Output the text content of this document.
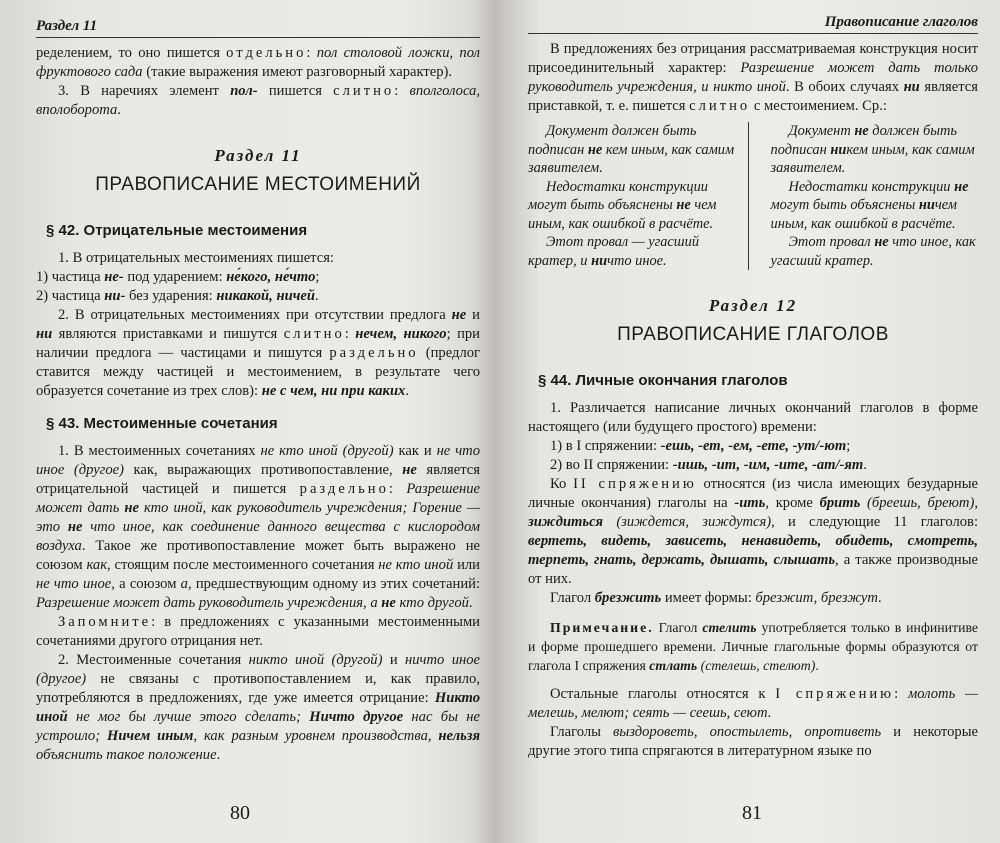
Раздел 11

ределением, то оно пишется отдельно: пол столовой ложки, пол фруктового сада (такие выражения имеют разговорный характер).

3. В наречиях элемент пол- пишется слитно: вполголоса, вполоборота.

Раздел 11
ПРАВОПИСАНИЕ МЕСТОИМЕНИЙ
§ 42. Отрицательные местоимения

1. В отрицательных местоимениях пишется:

1) частица не- под ударением: не́кого, не́что;

2) частица ни- без ударения: никакой, ничей.

2. В отрицательных местоимениях при отсутствии предлога не и ни являются приставками и пишутся слитно: нечем, никого; при наличии предлога — частицами и пишутся раздельно (предлог ставится между частицей и местоимением, в результате чего образуется сочетание из трех слов): не с чем, ни при каких.

§ 43. Местоименные сочетания

1. В местоименных сочетаниях не кто иной (другой) как и не что иное (другое) как, выражающих противопоставление, не является отрицательной частицей и пишется раздельно: Разрешение может дать не кто иной, как руководитель учреждения; Горение — это не что иное, как соединение данного вещества с кислородом воздуха. Такое же противопоставление может быть выражено не союзом как, стоящим после местоименного сочетания не кто иной или не что иное, а союзом а, предшествующим одному из этих сочетаний: Разрешение может дать руководитель учреждения, а не кто другой.

Запомните: в предложениях с указанными местоименными сочетаниями другого отрицания нет.

2. Местоименные сочетания никто иной (другой) и ничто иное (другое) не связаны с противопоставлением и, как правило, употребляются в предложениях, где уже имеется отрицание: Никто иной не мог бы лучше этого сделать; Ничто другое нас бы не устроило; Ничем иным, как разным уровнем производства, нельзя объяснить такое положение.

80
Правописание глаголов

В предложениях без отрицания рассматриваемая конструкция носит присоединительный характер: Разрешение может дать только руководитель учреждения, и никто иной. В обоих случаях ни является приставкой, т. е. пишется слитно с местоимением. Ср.:

Документ должен быть подписан не кем иным, как самим заявителем.

Недостатки конструкции могут быть объяснены не чем иным, как ошибкой в расчёте.

Этот провал — угасший кратер, и ничто иное.

Документ не должен быть подписан никем иным, как самим заявителем.

Недостатки конструкции не могут быть объяснены ничем иным, как ошибкой в расчёте.

Этот провал не что иное, как угасший кратер.

Раздел 12
ПРАВОПИСАНИЕ ГЛАГОЛОВ
§ 44. Личные окончания глаголов

1. Различается написание личных окончаний глаголов в форме настоящего (или будущего простого) времени:

1) в I спряжении: -ешь, -ет, -ем, -ете, -ут/-ют;

2) во II спряжении: -ишь, -ит, -им, -ите, -ат/-ят.

Ко II спряжению относятся (из числа имеющих безударные личные окончания) глаголы на -ить, кроме брить (бреешь, бреют), зиждиться (зиждется, зиждутся), и следующие 11 глаголов: вертеть, видеть, зависеть, ненавидеть, обидеть, смотреть, терпеть, гнать, держать, дышать, слышать, а также производные от них.

Глагол брезжить имеет формы: брезжит, брезжут.

Примечание. Глагол стелить употребляется только в инфинитиве и форме прошедшего времени. Личные глагольные формы образуются от глагола I спряжения стлать (стелешь, стелют).

Остальные глаголы относятся к I спряжению: молоть — мелешь, мелют; сеять — сеешь, сеют.

Глаголы выздороветь, опостылеть, опротиветь и некоторые другие этого типа спрягаются в литературном языке по

81
